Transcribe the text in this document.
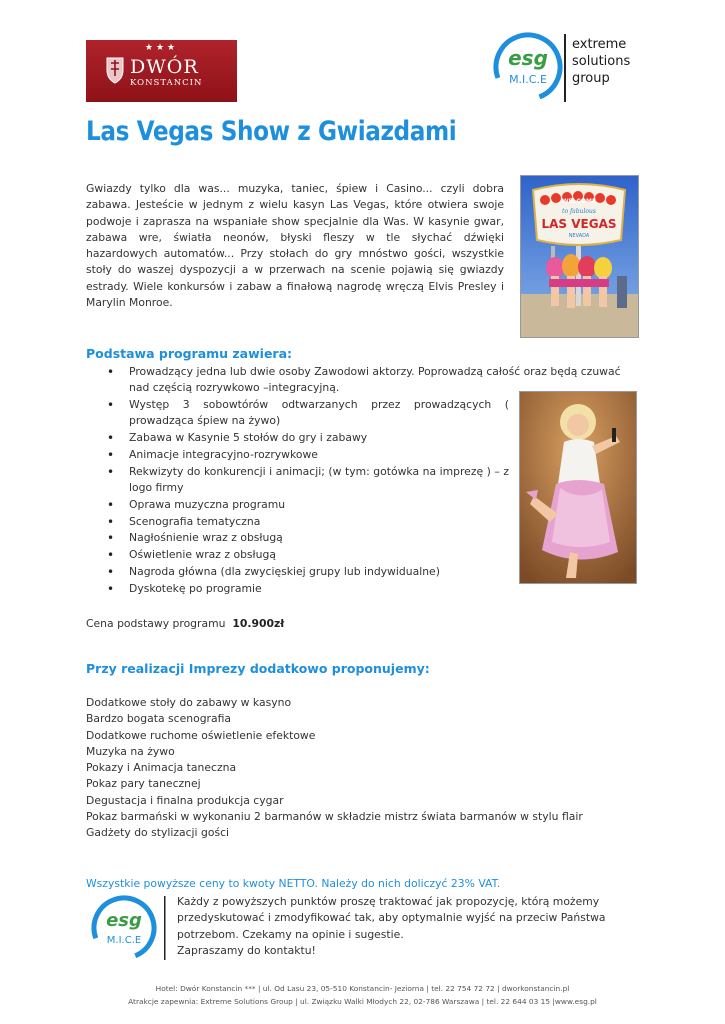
★★★
DWÓR
KONSTANCIN
esg
M.I.C.E
extreme
solutions
group
Las Vegas Show z Gwiazdami
Gwiazdy tylko dla was... muzyka, taniec, śpiew i Casino... czyli dobra zabawa. Jesteście w jednym z wielu kasyn Las Vegas, które otwiera swoje podwoje i zaprasza na wspaniałe show specjalnie dla Was. W kasynie gwar, zabawa wre, światła neonów, błyski fleszy w tle słychać dźwięki hazardowych automatów... Przy stołach do gry mnóstwo gości, wszystkie stoły do waszej dyspozycji a w przerwach na scenie pojawią się gwiazdy estrady. Wiele konkursów i zabaw a finałową nagrodę wręczą Elvis Presley i Marylin Monroe.
WELCOME
to fabulous
LAS VEGAS
NEVADA
Podstawa programu zawiera:
• Prowadzący jedna lub dwie osoby Zawodowi aktorzy. Poprowadzą całość oraz będą czuwać nad częścią rozrywkowo –integracyjną.
• Występ 3 sobowtórów odtwarzanych przez prowadzących ( prowadząca śpiew na żywo)
• Zabawa w Kasynie 5 stołów do gry i zabawy
• Animacje integracyjno-rozrywkowe
• Rekwizyty do konkurencji i animacji; (w tym: gotówka na imprezę ) – z logo firmy
• Oprawa muzyczna programu
• Scenografia tematyczna
• Nagłośnienie wraz z obsługą
• Oświetlenie wraz z obsługą
• Nagroda główna (dla zwycięskiej grupy lub indywidualne)
• Dyskotekę po programie
Cena podstawy programu 10.900zł
Przy realizacji Imprezy dodatkowo proponujemy:
Dodatkowe stoły do zabawy w kasyno
Bardzo bogata scenografia
Dodatkowe ruchome oświetlenie efektowe
Muzyka na żywo
Pokazy i Animacja taneczna
Pokaz pary tanecznej
Degustacja i finalna produkcja cygar
Pokaz barmański w wykonaniu 2 barmanów w składzie mistrz świata barmanów w stylu flair
Gadżety do stylizacji gości
Wszystkie powyższe ceny to kwoty NETTO. Należy do nich doliczyć 23% VAT.
esg
M.I.C.E
Każdy z powyższych punktów proszę traktować jak propozycję, którą możemy
przedyskutować i zmodyfikować tak, aby optymalnie wyjść na przeciw Państwa
potrzebom. Czekamy na opinie i sugestie.
Zapraszamy do kontaktu!
Hotel: Dwór Konstancin *** | ul. Od Lasu 23, 05-510 Konstancin- Jeziorna | tel. 22 754 72 72 | dworkonstancin.pl
Atrakcje zapewnia: Extreme Solutions Group | ul. Związku Walki Młodych 22, 02-786 Warszawa | tel. 22 644 03 15 |www.esg.pl
